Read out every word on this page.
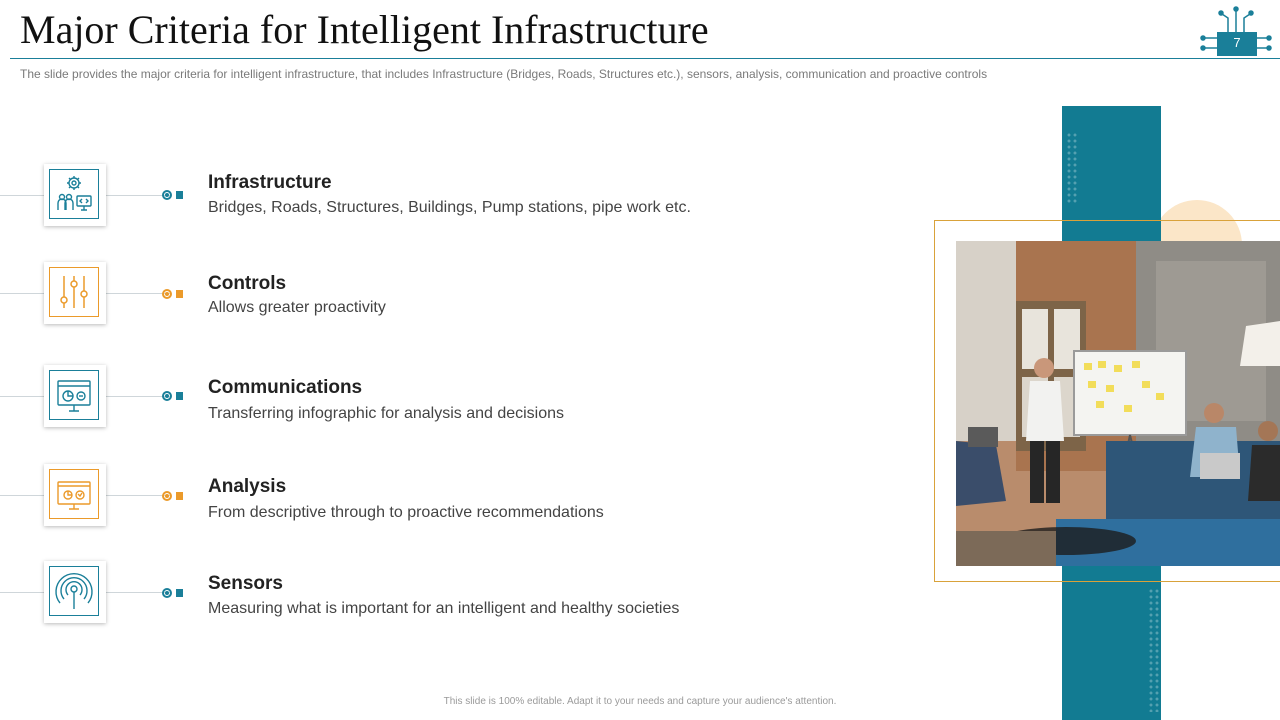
Major Criteria for Intelligent Infrastructure
The slide provides the major criteria for intelligent infrastructure, that includes Infrastructure (Bridges, Roads, Structures etc.), sensors, analysis, communication and proactive controls
7
Infrastructure
Bridges, Roads, Structures, Buildings, Pump stations, pipe work etc.
Controls
Allows greater proactivity
Communications
Transferring infographic for analysis and decisions
Analysis
From descriptive through to proactive recommendations
Sensors
Measuring what is important for an intelligent and healthy societies
This slide is 100% editable. Adapt it to your needs and capture your audience's attention.
